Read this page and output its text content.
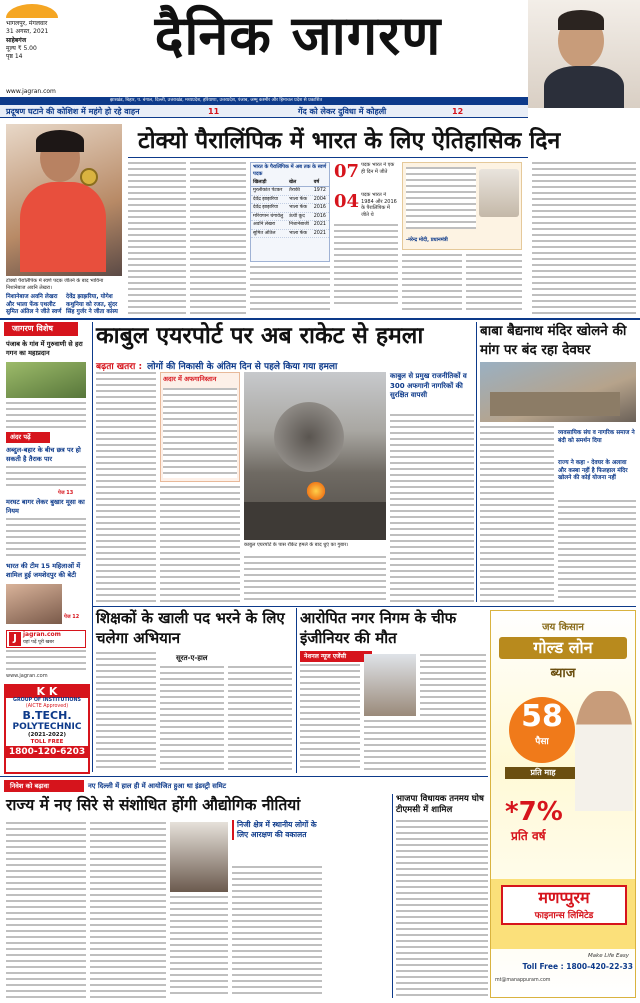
भागलपुर, मंगलवार
31 अगस्त, 2021
साहेबगंज
मूल्य ₹ 5.00
पृष्ठ 14	दैनिक जागरण
www.jagran.com
झारखंड, बिहार, प. बंगाल, दिल्ली, उत्तराखंड, मध्यप्रदेश, हरियाणा, उत्तरप्रदेश, पंजाब, जम्मू कश्मीर और हिमाचल प्रदेश से प्रकाशित
प्रदूषण घटाने की कोशिश में महंगे हो रहे वाहन	11	गेंद को लेकर दुविधा में कोहली	12
टोक्यो पैरालिंपिक में स्वर्ण पदक जीतने के बाद भाविना निशानेबाज अवनि लेखरा।
निशानेबाज अवनि लेखरा और भाला फेंक एथलीट सुमित अंतिल ने जीते स्वर्ण
देवेंद्र झाझरिया, योगेश कथुनिया को रजत, सुंदर सिंह गुर्जर ने जीता कांस्य
टोक्यो पैरालिंपिक में भारत के लिए ऐतिहासिक दिन
भारत के पैरालिंपिक में अब तक के स्वर्ण पदक
खिलाड़ी	खेल	वर्ष
मुरलीकांत पेटकर	तैराकी	1972
देवेंद्र झाझरिया	भाला फेंक	2004
देवेंद्र झाझरिया	भाला फेंक	2016
मरियप्पन थंगावेलु	ऊंची कूद	2016
अवनि लेखरा	निशानेबाजी	2021
सुमित अंतिल	भाला फेंक	2021
07 पदक भारत ने एक ही दिन में जीते
04 पदक भारत ने 1984 और 2016 के पैरालिंपिक में जीते थे
-नरेन्द्र मोदी, प्रधानमंत्री
जागरण विशेष
पंजाब के गांव में गुरुवाणी से हरा गगन का महाप्रदान
अंदर पढ़ें
अब्दुल-बहार के बीच छत्र पर हो सकती है तैराक पार
पेज 13
मरघट बागर लेकर बुखार मूसा का नियम
भारत की टीम 15 महिलाओं में शामिल हुई जमशेदपुर की बेटी
पेज 12
J	jagran.com
यहां पढ़ें पूरी खबर
www.jagran.com
K K
GROUP OF INSTITUTIONS
(AICTE Approved)
B.TECH.
POLYTECHNIC
(2021-2022)
TOLL FREE
1800-120-6203
काबुल एयरपोर्ट पर अब राकेट से हमला
बढ़ता खतरा : लोगों की निकासी के अंतिम दिन से पहले किया गया हमला
अदार में अफगानिस्तान
काबुल एयरपोर्ट के पास रॉकेट हमले के बाद धुएं का गुबार।
काबुल से प्रमुख राजनीतिकों व 300 अफगानी नागरिकों की सुरक्षित वापसी
बाबा बैद्यनाथ मंदिर खोलने की मांग पर बंद रहा देवघर
व्यवसायिक संघ व नागरिक समाज ने बंदी को समर्थन दिया
राज्य ने कहा - देवघर के अलावा और कस्बा नहीं है फिलहाल मंदिर खोलने की कोई योजना नहीं
शिक्षकों के खाली पद भरने के लिए चलेगा अभियान
सूरत-ए-हाल
आरोपित नगर निगम के चीफ इंजीनियर की मौत
नेशनल न्यूज एजेंसी
जय किसान
गोल्ड लोन
ब्याज
58
पैसा
प्रति माह
*7%
प्रति वर्ष
मणप्पुरम
फाइनान्स लिमिटेड
Make Life Easy
Toll Free : 1800-420-22-33
mt@manappuram.com
निवेश को बढ़ावा	नए दिल्ली में हाल ही में आयोजित हुआ था इंडस्ट्री समिट
राज्य में नए सिरे से संशोधित होंगी औद्योगिक नीतियां
निजी क्षेत्र में स्थानीय लोगों के लिए आरक्षण की वकालत
भाजपा विधायक तनमय घोष टीएमसी में शामिल
